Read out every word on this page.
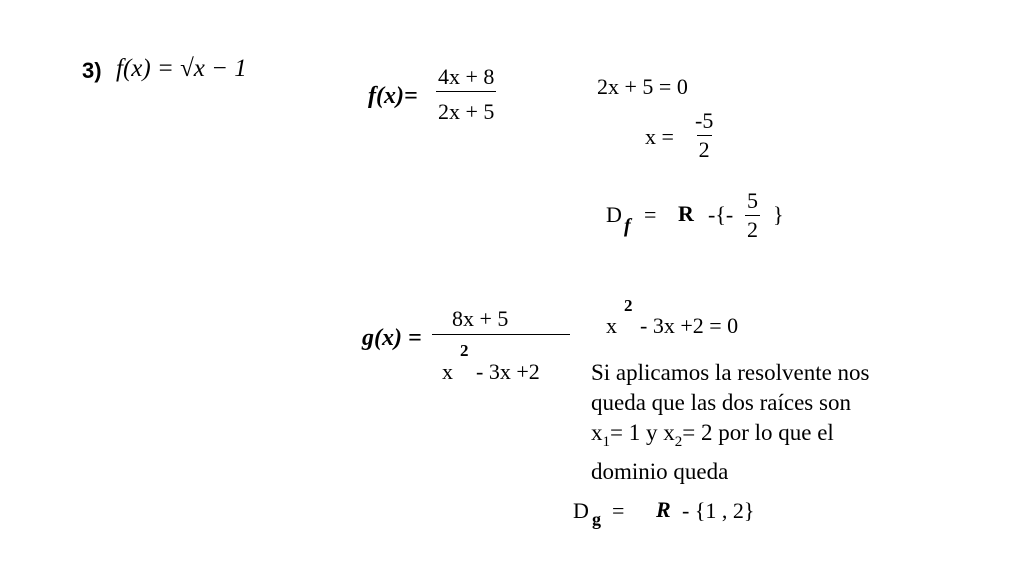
3) f(x) = √x − 1
$f(x)= \frac{4x + 8}{2x + 5}$	2x + 5 = 0
$x = \frac{-5}{2}$
D f = R -{- $\frac{5}{2}$ }
g(x) =
8x + 5
x
2
- 3x +2
x
2
- 3x +2 = 0
Si aplicamos la resolvente nos
queda que las dos raíces son
$x_1= 1$ y $x_2= 2$ por lo que el
dominio queda
D g = R - {1 , 2}
